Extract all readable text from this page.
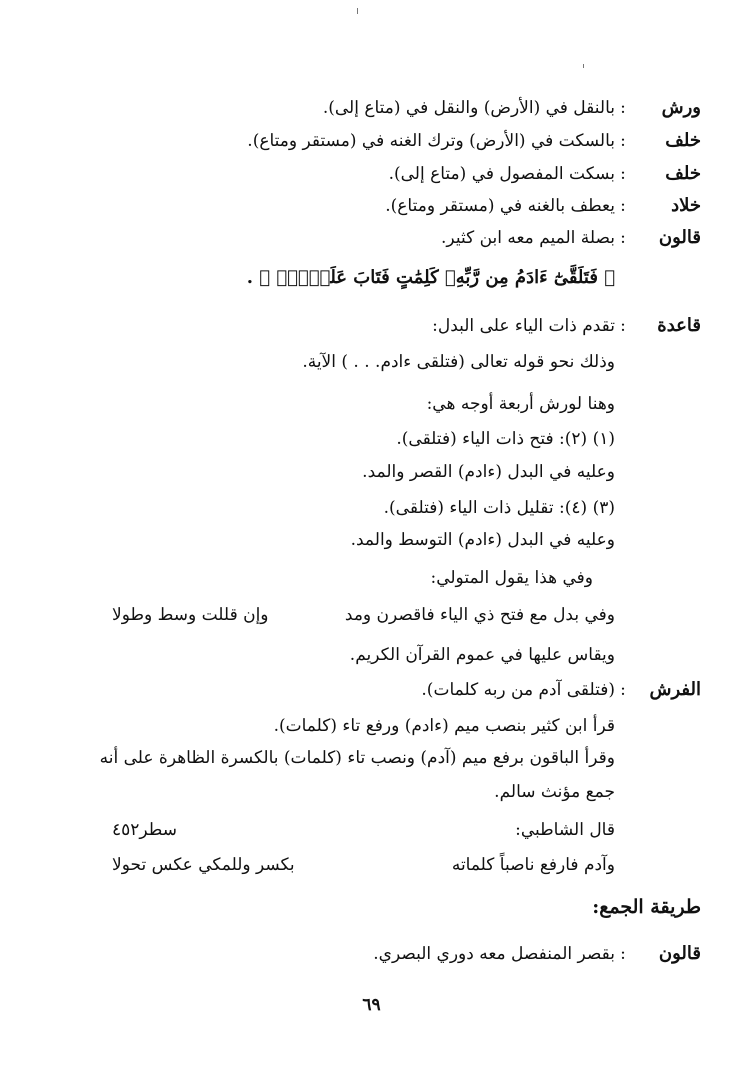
ورش
:
بالنقل في (الأرض) والنقل في (متاع إلى).
خلف
:
بالسكت في (الأرض) وترك الغنه في (مستقر ومتاع).
خلف
:
بسكت المفصول في (متاع إلى).
خلاد
:
يعطف بالغنه في (مستقر ومتاع).
قالون
:
بصلة الميم معه ابن كثير.
﴿ فَتَلَقَّىٰٓ ءَادَمُ مِن رَّبِّهِۦ كَلِمَٰتٍ فَتَابَ عَلَيۡهِۚ ﴾ .
قاعدة
:
تقدم ذات الياء على البدل:
وذلك نحو قوله تعالى (فتلقى ءادم. . . ) الآية.
وهنا لورش أربعة أوجه هي:
(١) (٢): فتح ذات الياء (فتلقى).
وعليه في البدل (ءادم) القصر والمد.
(٣) (٤): تقليل ذات الياء (فتلقى).
وعليه في البدل (ءادم) التوسط والمد.
وفي هذا يقول المتولي:
وفي بدل مع فتح ذي الياء فاقصرن ومد
وإن قللت وسط وطولا
ويقاس عليها في عموم القرآن الكريم.
الفرش
:
(فتلقى آدم من ربه كلمات).
قرأ ابن كثير بنصب ميم (ءادم) ورفع تاء (كلمات).
وقرأ الباقون برفع ميم (آدم) ونصب تاء (كلمات) بالكسرة الظاهرة على أنه
جمع مؤنث سالم.
قال الشاطبي:
سطر٤٥٢
وآدم فارفع ناصباً كلماته
بكسر وللمكي عكس تحولا
طريقة الجمع:
قالون
:
بقصر المنفصل معه دوري البصري.
٦٩
